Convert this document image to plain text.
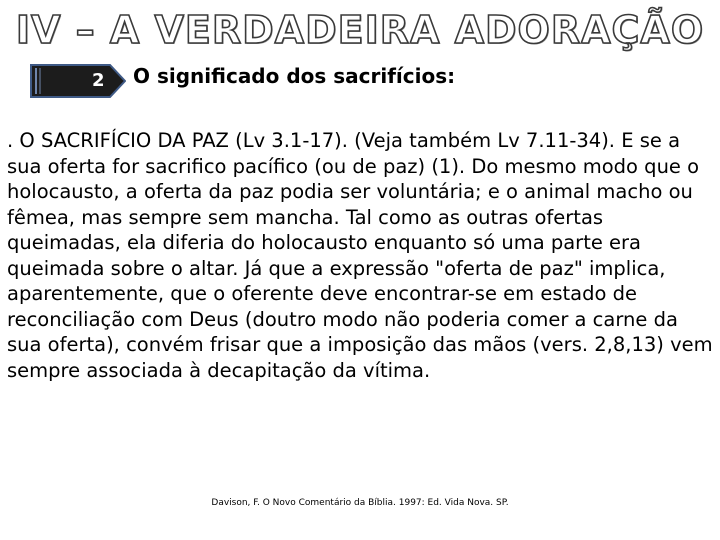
IV – A VERDADEIRA ADORAÇÃO
2 O significado dos sacrifícios:

. O SACRIFÍCIO DA PAZ (Lv 3.1-17). (Veja também Lv 7.11-34). E se a sua oferta for sacrifico pacífico (ou de paz) (1). Do mesmo modo que o holocausto, a oferta da paz podia ser voluntária; e o animal macho ou fêmea, mas sempre sem mancha. Tal como as outras ofertas queimadas, ela diferia do holocausto enquanto só uma parte era queimada sobre o altar. Já que a expressão "oferta de paz" implica, aparentemente, que o oferente deve encontrar-se em estado de reconciliação com Deus (doutro modo não poderia comer a carne da sua oferta), convém frisar que a imposição das mãos (vers. 2,8,13) vem sempre associada à decapitação da vítima.

Davison, F. O Novo Comentário da Bíblia. 1997: Ed. Vida Nova. SP.
